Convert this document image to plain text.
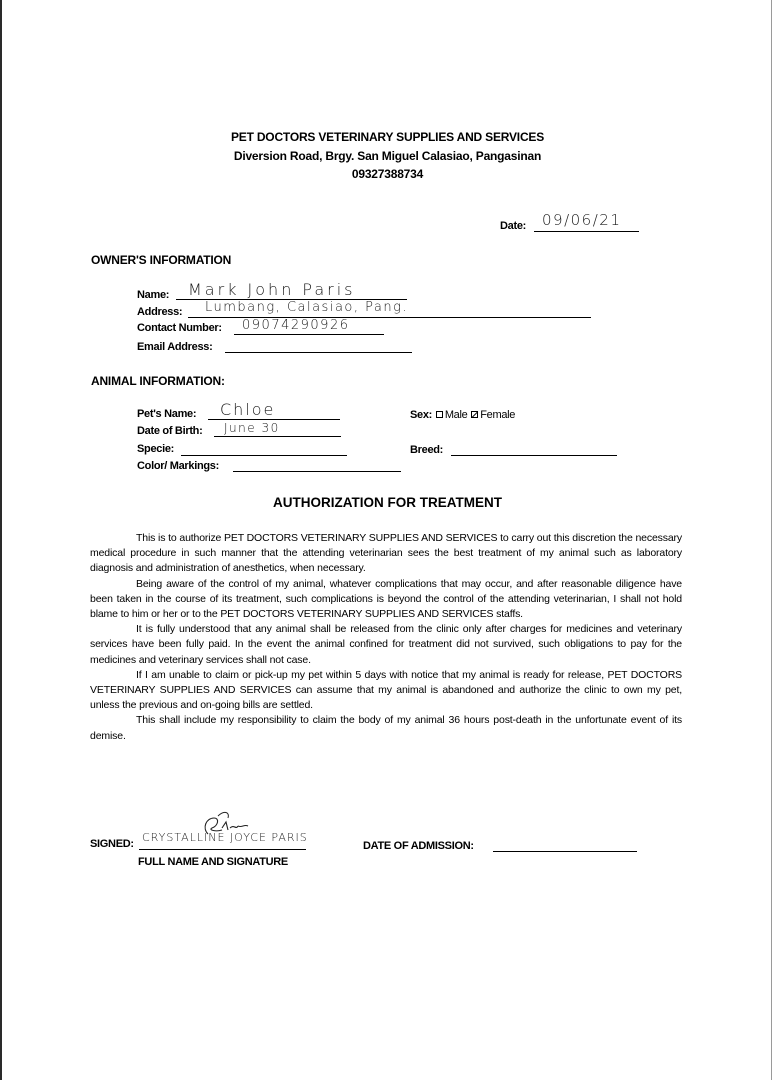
PET DOCTORS VETERINARY SUPPLIES AND SERVICES
Diversion Road, Brgy. San Miguel Calasiao, Pangasinan
09327388734
Date: 09/06/21
OWNER'S INFORMATION
Name: Mark John Paris
Address: Lumbang, Calasiao, Pang.
Contact Number: 09074290926
Email Address:
ANIMAL INFORMATION:
Pet's Name: Chloe
Date of Birth: June 30
Specie:
Color/ Markings:
Sex: Male Female
Breed:
AUTHORIZATION FOR TREATMENT

This is to authorize PET DOCTORS VETERINARY SUPPLIES AND SERVICES to carry out this discretion the necessary medical procedure in such manner that the attending veterinarian sees the best treatment of my animal such as laboratory diagnosis and administration of anesthetics, when necessary.

Being aware of the control of my animal, whatever complications that may occur, and after reasonable diligence have been taken in the course of its treatment, such complications is beyond the control of the attending veterinarian, I shall not hold blame to him or her or to the PET DOCTORS VETERINARY SUPPLIES AND SERVICES staffs.

It is fully understood that any animal shall be released from the clinic only after charges for medicines and veterinary services have been fully paid. In the event the animal confined for treatment did not survived, such obligations to pay for the medicines and veterinary services shall not case.

If I am unable to claim or pick-up my pet within 5 days with notice that my animal is ready for release, PET DOCTORS VETERINARY SUPPLIES AND SERVICES can assume that my animal is abandoned and authorize the clinic to own my pet, unless the previous and on-going bills are settled.

This shall include my responsibility to claim the body of my animal 36 hours post-death in the unfortunate event of its demise.

SIGNED: CRYSTALLINE JOYCE PARIS
FULL NAME AND SIGNATURE
DATE OF ADMISSION:
